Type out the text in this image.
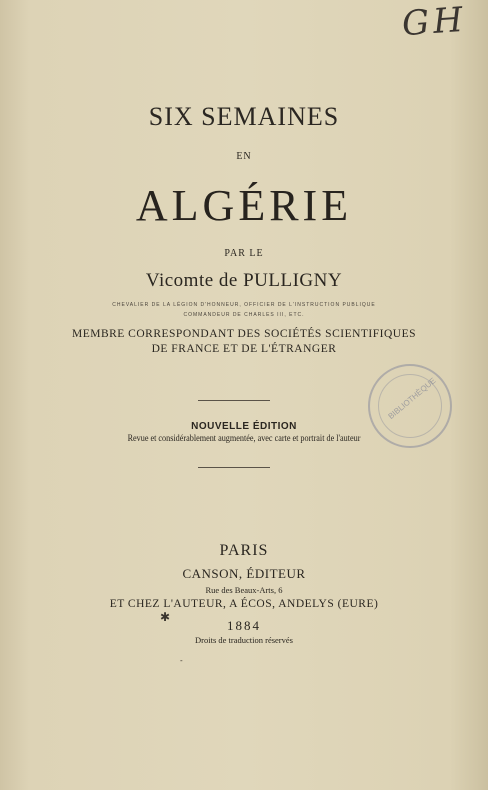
GH
SIX SEMAINES
EN
ALGÉRIE
PAR LE
Vicomte de PULLIGNY
CHEVALIER DE LA LÉGION D'HONNEUR, OFFICIER DE L'INSTRUCTION PUBLIQUE
COMMANDEUR DE CHARLES III, ETC.
MEMBRE CORRESPONDANT DES SOCIÉTÉS SCIENTIFIQUES
DE FRANCE ET DE L'ÉTRANGER
NOUVELLE ÉDITION
Revue et considérablement augmentée, avec carte et portrait de l'auteur
BIBLIOTHÈQUE
PARIS
CANSON, ÉDITEUR
Rue des Beaux-Arts, 6
ET CHEZ L'AUTEUR, A ÉCOS, ANDELYS (EURE)
1884
Droits de traduction réservés
✱
-
